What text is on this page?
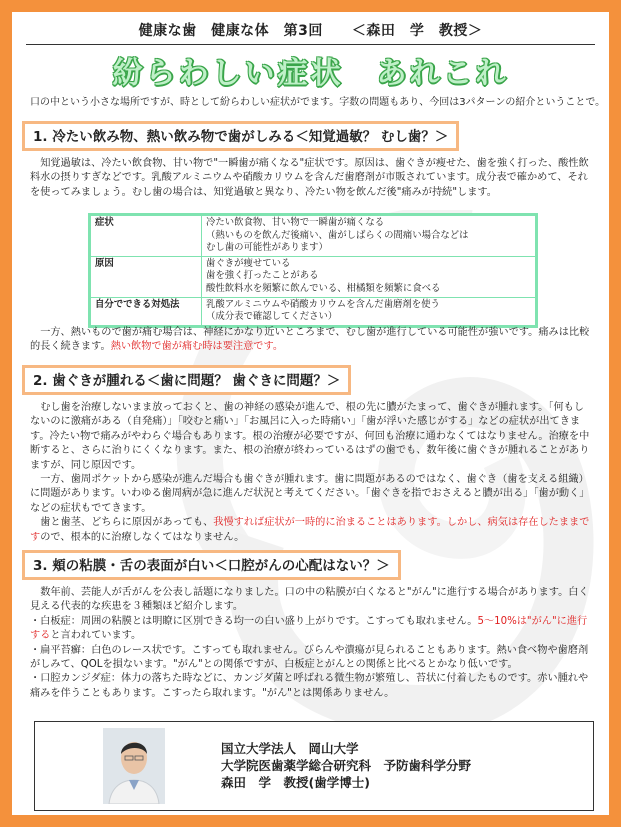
健康な歯　健康な体　第3回　　＜森田　学　教授＞
紛らわしい症状　あれこれ
口の中という小さな場所ですが、時として紛らわしい症状がでます。字数の問題もあり、今回は3パターンの紹介ということで。
1. 冷たい飲み物、熱い飲み物で歯がしみる＜知覚過敏？ むし歯？＞

知覚過敏は、冷たい飲食物、甘い物で"一瞬歯が痛くなる"症状です。原因は、歯ぐきが痩せた、歯を強く打った、酸性飲料水の摂りすぎなどです。乳酸アルミニウムや硝酸カリウムを含んだ歯磨剤が市販されています。成分表で確かめて、それを使ってみましょう。むし歯の場合は、知覚過敏と異なり、冷たい物を飲んだ後"痛みが持続"します。

症状	冷たい飲食物、甘い物で一瞬歯が痛くなる
（熱いものを飲んだ後痛い、歯がしばらくの間痛い場合などは
むし歯の可能性があります）

原因	歯ぐきが痩せている
歯を強く打ったことがある
酸性飲料水を頻繁に飲んでいる、柑橘類を頻繁に食べる

自分でできる対処法	乳酸アルミニウムや硝酸カリウムを含んだ歯磨剤を使う
（成分表で確認してください）

一方、熱いもので歯が痛む場合は、神経にかなり近いところまで、むし歯が進行している可能性が強いです。痛みは比較的長く続きます。熱い飲物で歯が痛む時は要注意です。

2. 歯ぐきが腫れる＜歯に問題？ 歯ぐきに問題？＞

むし歯を治療しないまま放っておくと、歯の神経の感染が進んで、根の先に膿がたまって、歯ぐきが腫れます。「何もしないのに激痛がある（自発痛）」「咬むと痛い」「お風呂に入った時痛い」「歯が浮いた感じがする」などの症状が出てきます。冷たい物で痛みがやわらぐ場合もあります。根の治療が必要ですが、何回も治療に通わなくてはなりません。治療を中断すると、さらに治りにくくなります。また、根の治療が終わっているはずの歯でも、数年後に歯ぐきが腫れることがありますが、同じ原因です。

一方、歯周ポケットから感染が進んだ場合も歯ぐきが腫れます。歯に問題があるのではなく、歯ぐき（歯を支える組織）に問題があります。いわゆる歯周病が急に進んだ状況と考えてください。「歯ぐきを指でおさえると膿が出る」「歯が動く」などの症状もでてきます。

歯と歯茎、どちらに原因があっても、我慢すれば症状が一時的に治まることはあります。しかし、病気は存在したままですので、根本的に治療しなくてはなりません。

3. 頬の粘膜・舌の表面が白い＜口腔がんの心配はない？＞

数年前、芸能人が舌がんを公表し話題になりました。口の中の粘膜が白くなると"がん"に進行する場合があります。白く見える代表的な疾患を３種類ほど紹介します。

・白板症：周囲の粘膜とは明瞭に区別できる均一の白い盛り上がりです。こすっても取れません。5～10%は"がん"に進行すると言われています。

・扁平苔癬：白色のレース状です。こすっても取れません。びらんや潰瘍が見られることもあります。熱い食べ物や歯磨剤がしみて、QOLを損ないます。"がん"との関係ですが、白板症とがんとの関係と比べるとかなり低いです。

・口腔カンジダ症：体力の落ちた時などに、カンジダ菌と呼ばれる微生物が繁殖し、苔状に付着したものです。赤い腫れや痛みを伴うこともあります。こすったら取れます。"がん"とは関係ありません。

国立大学法人　岡山大学
大学院医歯薬学総合研究科　予防歯科学分野
森田　学　教授(歯学博士)
